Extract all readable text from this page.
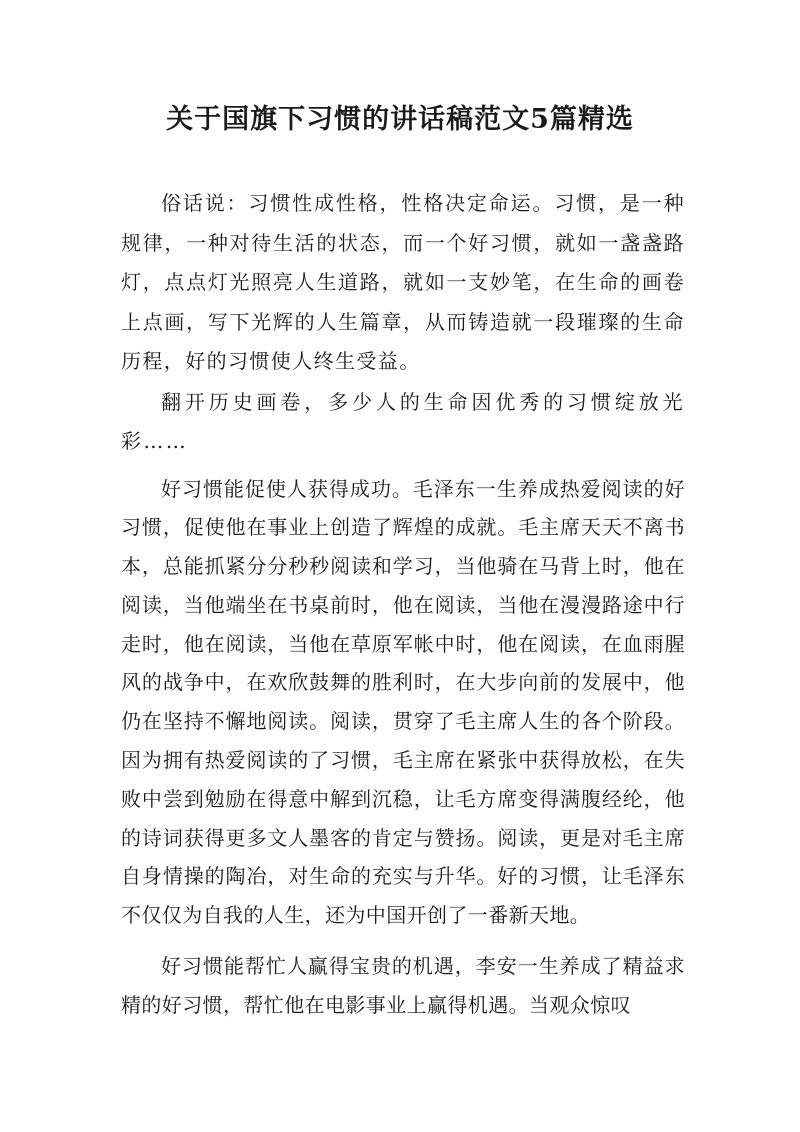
关于国旗下习惯的讲话稿范文5篇精选

俗话说：习惯性成性格，性格决定命运。习惯，是一种规律，一种对待生活的状态，而一个好习惯，就如一盏盏路灯，点点灯光照亮人生道路，就如一支妙笔，在生命的画卷上点画，写下光辉的人生篇章，从而铸造就一段璀璨的生命历程，好的习惯使人终生受益。

翻开历史画卷，多少人的生命因优秀的习惯绽放光彩……

好习惯能促使人获得成功。毛泽东一生养成热爱阅读的好习惯，促使他在事业上创造了辉煌的成就。毛主席天天不离书本，总能抓紧分分秒秒阅读和学习，当他骑在马背上时，他在阅读，当他端坐在书桌前时，他在阅读，当他在漫漫路途中行走时，他在阅读，当他在草原军帐中时，他在阅读，在血雨腥风的战争中，在欢欣鼓舞的胜利时，在大步向前的发展中，他仍在坚持不懈地阅读。阅读，贯穿了毛主席人生的各个阶段。因为拥有热爱阅读的了习惯，毛主席在紧张中获得放松，在失败中尝到勉励在得意中解到沉稳，让毛方席变得满腹经纶，他的诗词获得更多文人墨客的肯定与赞扬。阅读，更是对毛主席自身情操的陶冶，对生命的充实与升华。好的习惯，让毛泽东不仅仅为自我的人生，还为中国开创了一番新天地。

好习惯能帮忙人赢得宝贵的机遇，李安一生养成了精益求精的好习惯，帮忙他在电影事业上赢得机遇。当观众惊叹
